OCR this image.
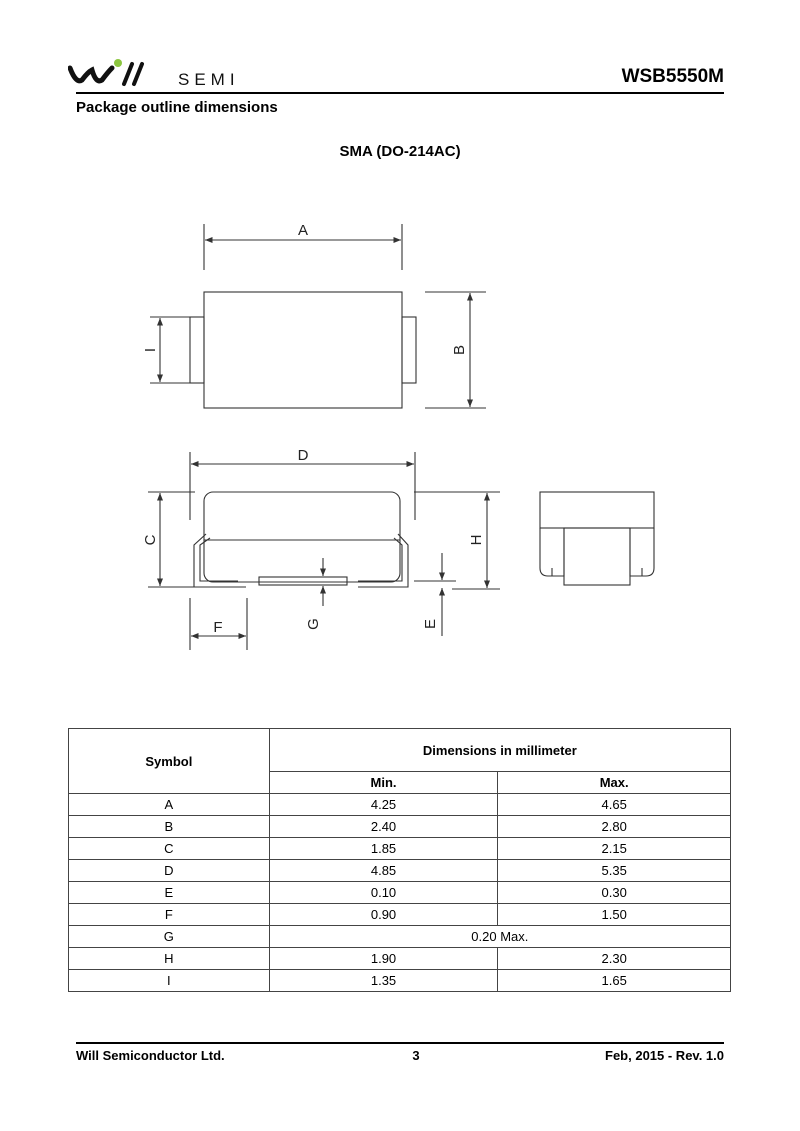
SEMI	WSB5550M
Package outline dimensions
SMA (DO-214AC)
A
B
I
D
C	H
F	G	E
Symbol	Dimensions in millimeter	
	Min.	Max.
A	4.25	4.65
B	2.40	2.80
C	1.85	2.15
D	4.85	5.35
E	0.10	0.30
F	0.90	1.50
G	0.20 Max.	
H	1.90	2.30
I	1.35	1.65
Will Semiconductor Ltd.	3	Feb, 2015 - Rev. 1.0
